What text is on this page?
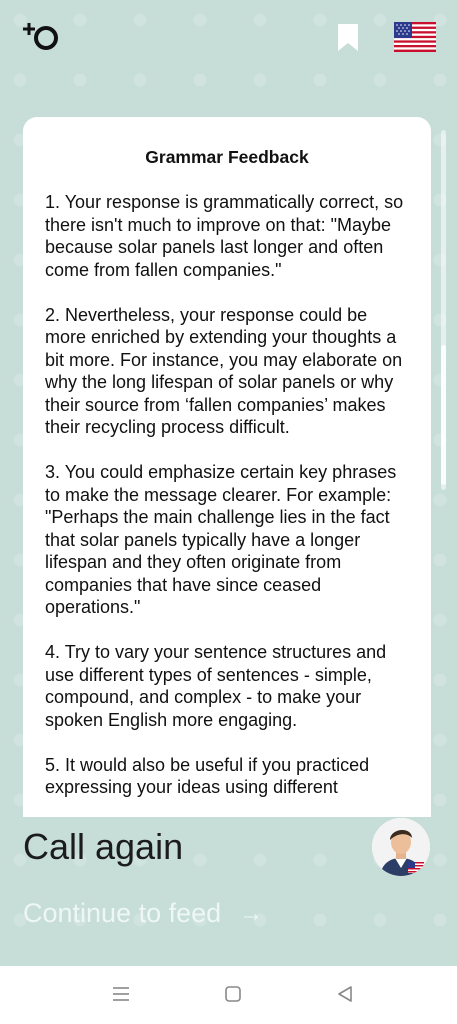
Grammar Feedback

1. Your response is grammatically correct, so there isn't much to improve on that: "Maybe because solar panels last longer and often come from fallen companies."

2. Nevertheless, your response could be more enriched by extending your thoughts a bit more. For instance, you may elaborate on why the long lifespan of solar panels or why their source from ‘fallen companies’ makes their recycling process difficult.

3. You could emphasize certain key phrases to make the message clearer. For example: "Perhaps the main challenge lies in the fact that solar panels typically have a longer lifespan and they often originate from companies that have since ceased operations."

4. Try to vary your sentence structures and use different types of sentences - simple, compound, and complex - to make your spoken English more engaging.

5. It would also be useful if you practiced expressing your ideas using different

Call again
Continue to feed →
